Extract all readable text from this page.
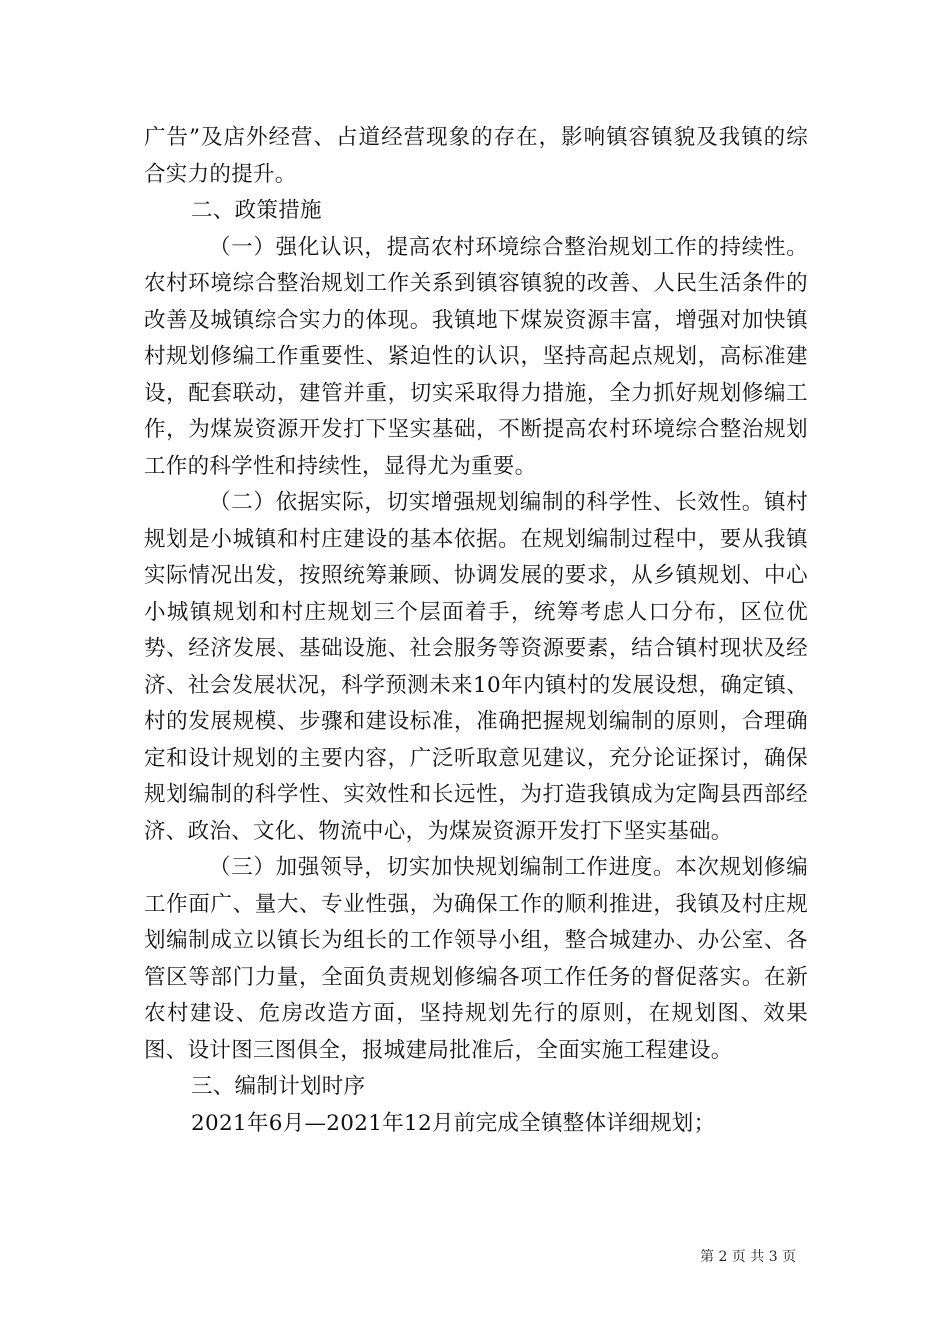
广告”及店外经营、占道经营现象的存在，影响镇容镇貌及我镇的综合实力的提升。

二、政策措施

（一）强化认识，提高农村环境综合整治规划工作的持续性。农村环境综合整治规划工作关系到镇容镇貌的改善、人民生活条件的改善及城镇综合实力的体现。我镇地下煤炭资源丰富，增强对加快镇村规划修编工作重要性、紧迫性的认识，坚持高起点规划，高标准建设，配套联动，建管并重，切实采取得力措施，全力抓好规划修编工作，为煤炭资源开发打下坚实基础，不断提高农村环境综合整治规划工作的科学性和持续性，显得尤为重要。

（二）依据实际，切实增强规划编制的科学性、长效性。镇村规划是小城镇和村庄建设的基本依据。在规划编制过程中，要从我镇实际情况出发，按照统筹兼顾、协调发展的要求，从乡镇规划、中心小城镇规划和村庄规划三个层面着手，统筹考虑人口分布，区位优势、经济发展、基础设施、社会服务等资源要素，结合镇村现状及经济、社会发展状况，科学预测未来10年内镇村的发展设想，确定镇、村的发展规模、步骤和建设标准，准确把握规划编制的原则，合理确定和设计规划的主要内容，广泛听取意见建议，充分论证探讨，确保规划编制的科学性、实效性和长远性，为打造我镇成为定陶县西部经济、政治、文化、物流中心，为煤炭资源开发打下坚实基础。

（三）加强领导，切实加快规划编制工作进度。本次规划修编工作面广、量大、专业性强，为确保工作的顺利推进，我镇及村庄规划编制成立以镇长为组长的工作领导小组，整合城建办、办公室、各管区等部门力量，全面负责规划修编各项工作任务的督促落实。在新农村建设、危房改造方面，坚持规划先行的原则，在规划图、效果图、设计图三图俱全，报城建局批准后，全面实施工程建设。

三、编制计划时序

2021年6月—2021年12月前完成全镇整体详细规划；

第 2 页 共 3 页
